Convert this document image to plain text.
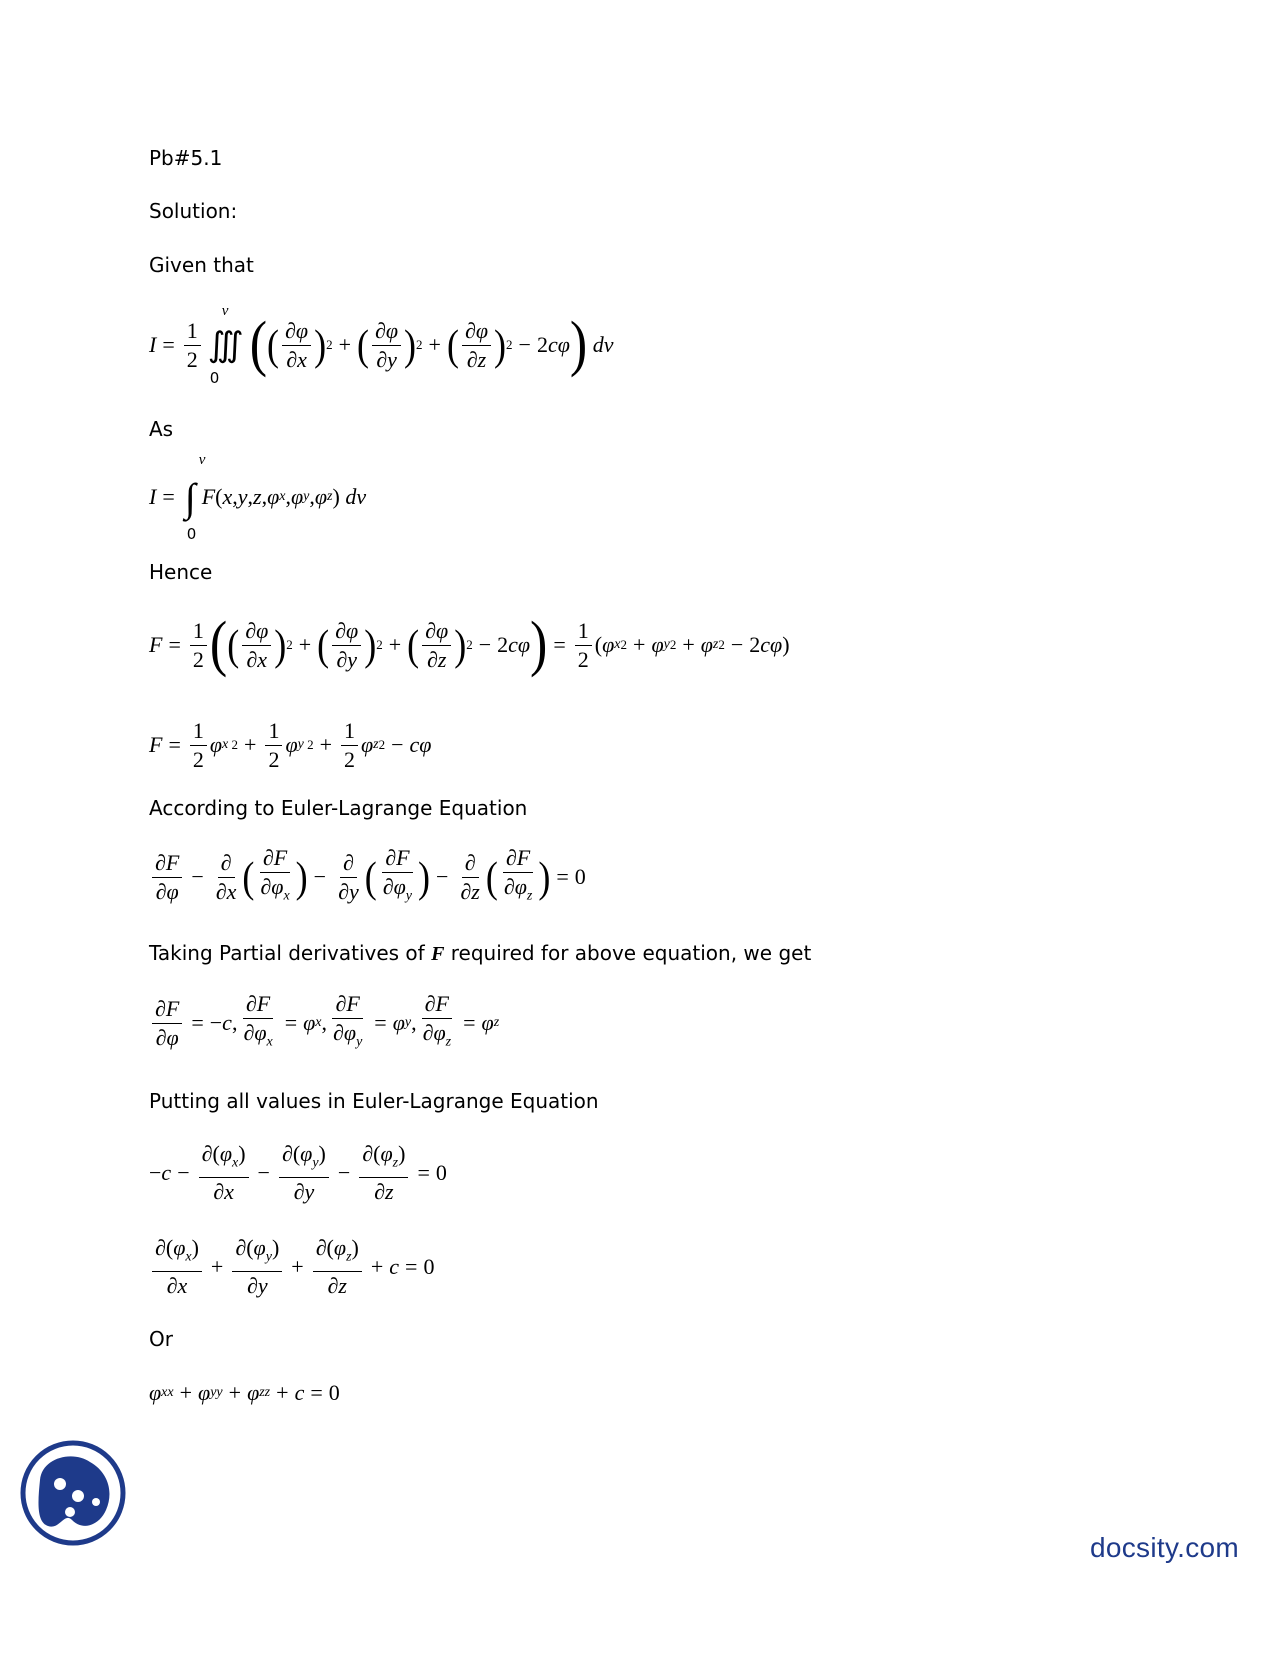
Pb#5.1
Solution:
Given that
$I = \frac{1}{2}$ ∭
v
0 ( ( $\frac{\partial\varphi}{\partial x}$ ) 2 + ( $\frac{\partial\varphi}{\partial y}$ ) 2 + ( $\frac{\partial\varphi}{\partial z}$ ) 2 − 2 cφ )
dv
As
I = ∫
v
0
F ( x , y , z , φ x , φ y , φ z ) dv
Hence
$F = \frac{1}{2}$ ( ( $\frac{\partial\varphi}{\partial x}$ ) 2 + ( $\frac{\partial\varphi}{\partial y}$ ) 2 + ( $\frac{\partial\varphi}{\partial z}$ ) 2 − 2 cφ ) = $\frac{1}{2}$ ( φ x 2 + φ y 2 + φ z 2 − 2 cφ )
$F = \frac{1}{2}$ φ x $2 + \frac{1}{2}$ φ y $2 + \frac{1}{2}$ φ z 2 − cφ
According to Euler-Lagrange Equation
$\frac{\partial F}{\partial\varphi} - \frac{\partial}{\partial x}$ ( $\frac{\partial F}{\partial\varphi_x}$ ) − $\frac{\partial}{\partial y}$ ( $\frac{\partial F}{\partial\varphi_y}$ ) − $\frac{\partial}{\partial z}$ ( $\frac{\partial F}{\partial\varphi_z}$ ) = 0
Taking Partial derivatives of F required for above equation, we get
$\frac{\partial F}{\partial\varphi}$ = − c , $\frac{\partial F}{\partial\varphi_x} = \varphi$ x , $\frac{\partial F}{\partial\varphi_y} = \varphi$ y , $\frac{\partial F}{\partial\varphi_z} = \varphi$ z
Putting all values in Euler-Lagrange Equation
− $c - \frac{\partial(\varphi_x)}{\partial x} - \frac{\partial(\varphi_y)}{\partial y} - \frac{\partial(\varphi_z)}{\partial z} = 0$
$\frac{\partial(\varphi_x)}{\partial x} + \frac{\partial(\varphi_y)}{\partial y} + \frac{\partial(\varphi_z)}{\partial z} + c = 0$
Or
φ xx + φ yy + φ zz + c = 0
docsity.com
